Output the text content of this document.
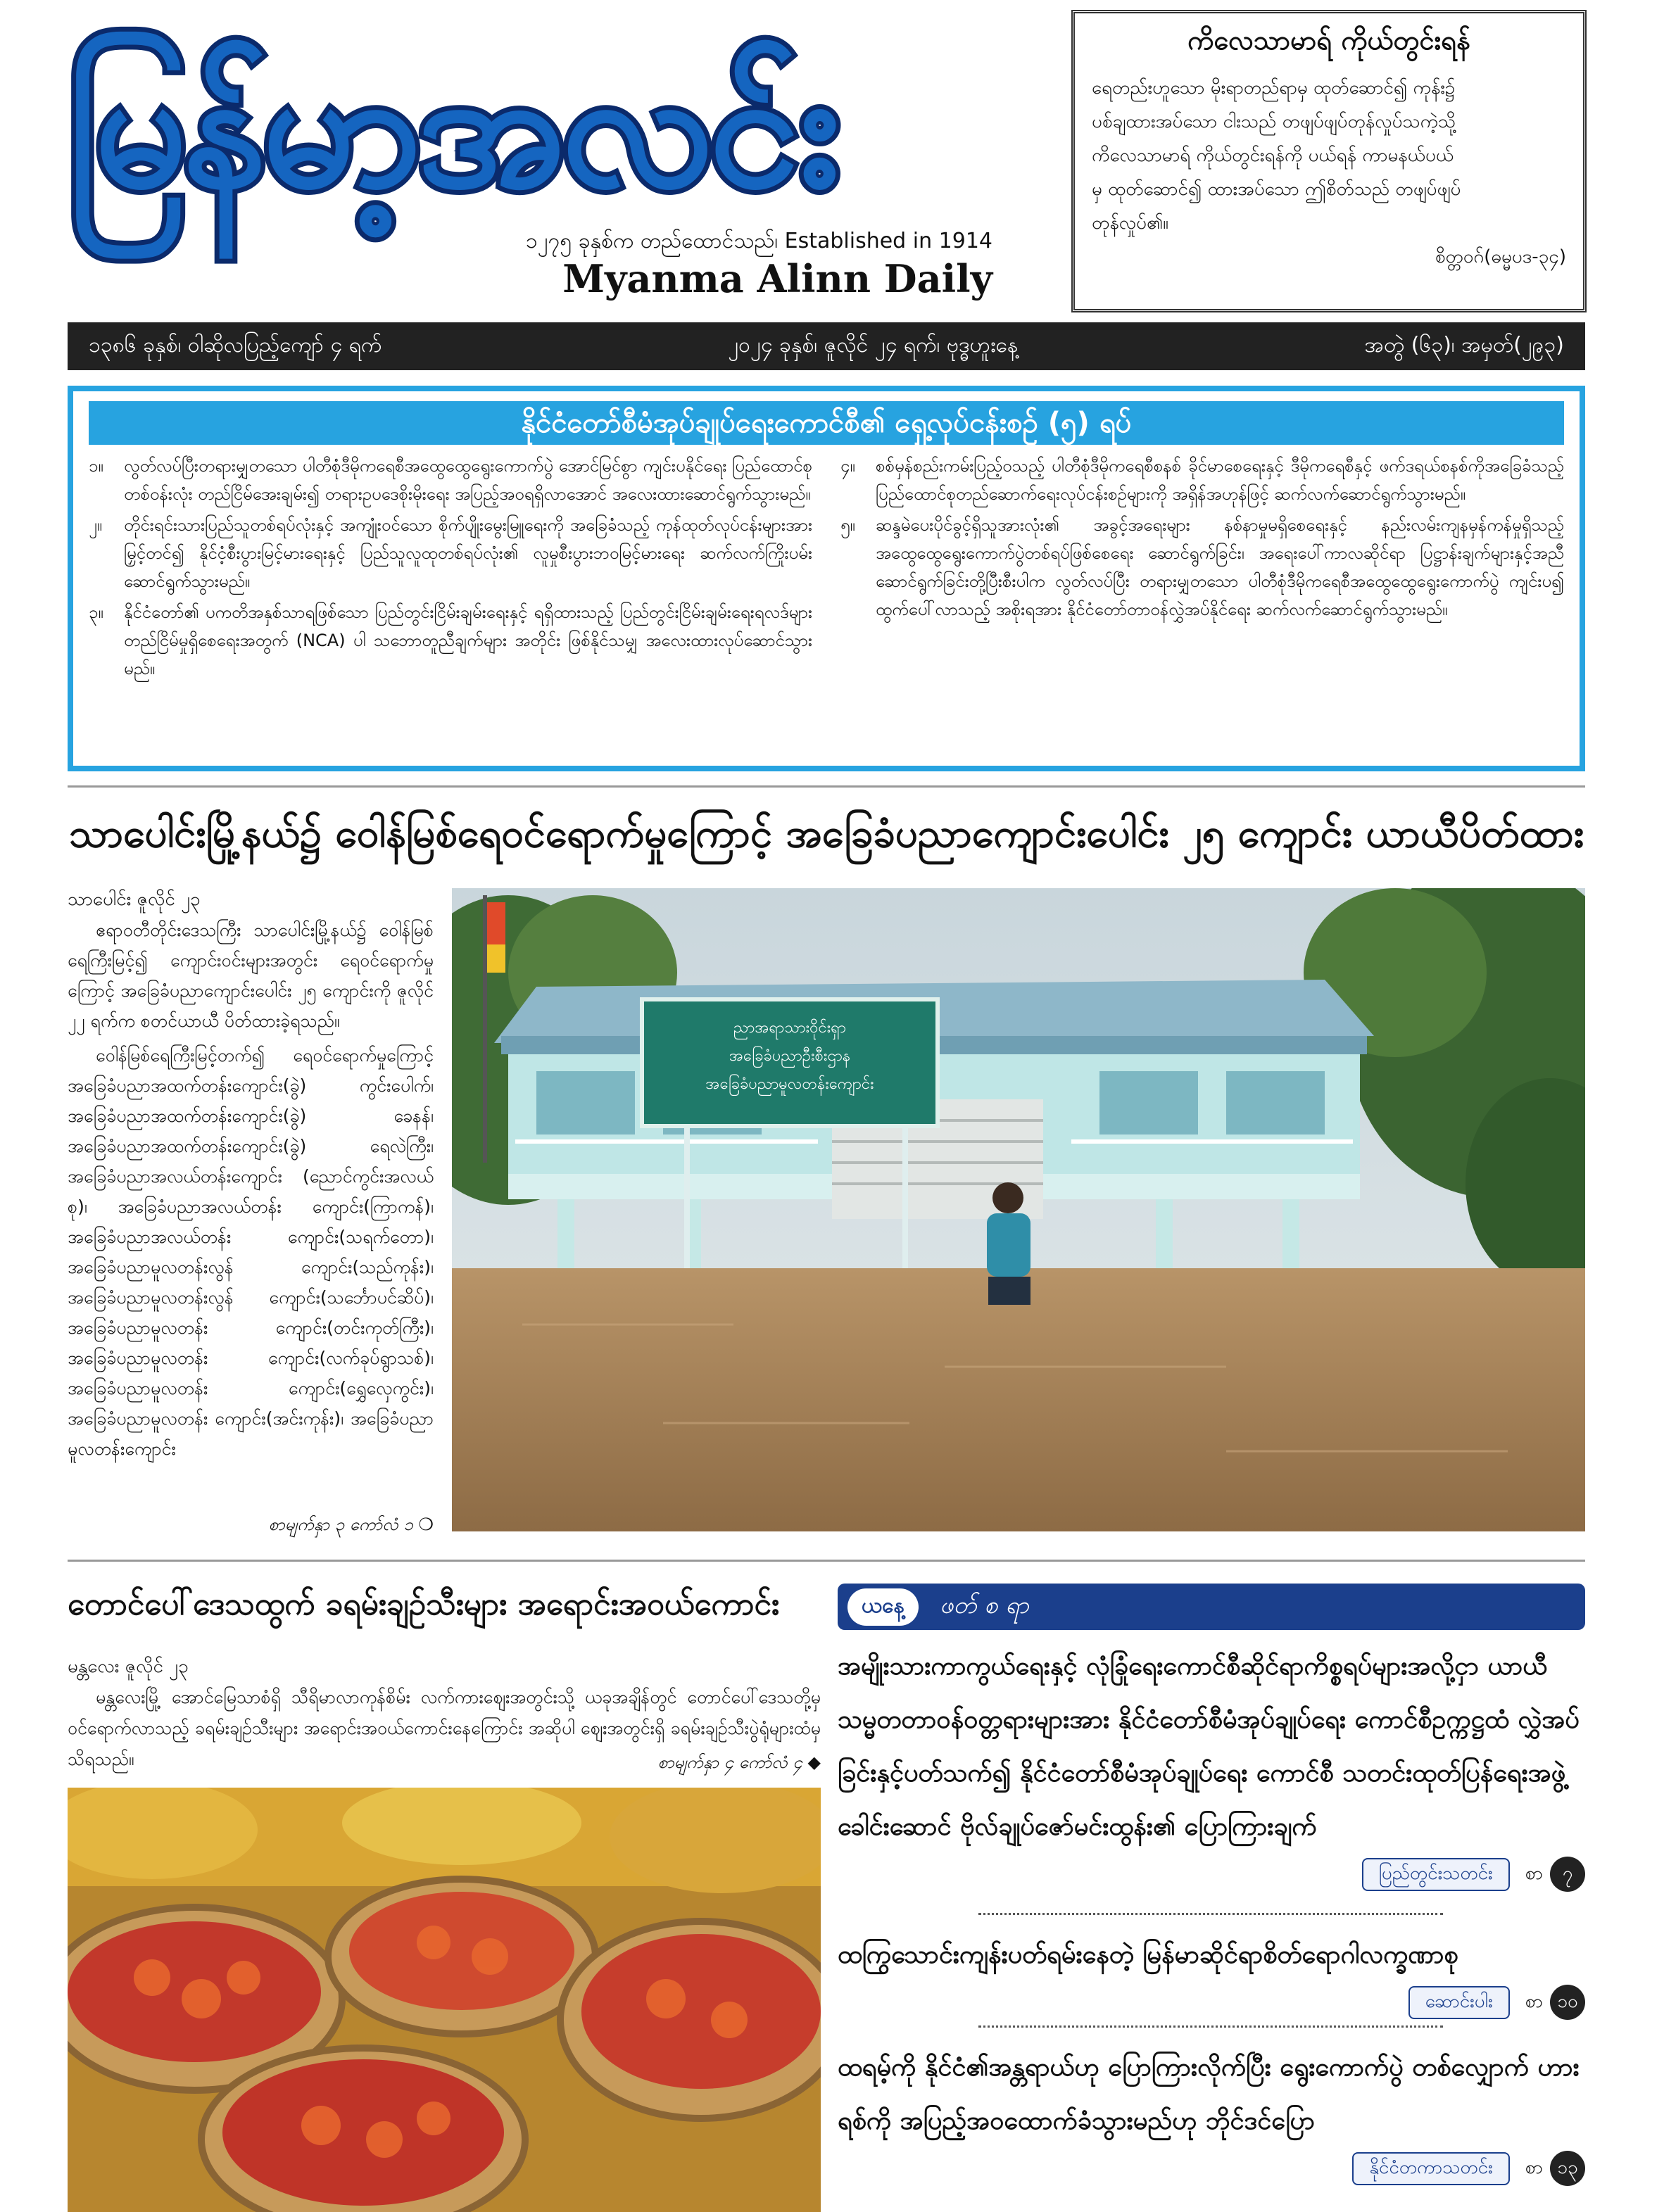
မြန်မာ့အလင်း
၁၂၇၅ ခုနှစ်က တည်ထောင်သည်၊ Established in 1914
Myanma Alinn Daily
ကိလေသာမာရ် ကိုယ်တွင်းရန်
ရေတည်းဟူသော မိုးရာတည်ရာမှ ထုတ်ဆောင်၍ ကုန်း၌
ပစ်ချထားအပ်သော ငါးသည် တဖျပ်ဖျပ်တုန်လှုပ်သကဲ့သို့
ကိလေသာမာရ် ကိုယ်တွင်းရန်ကို ပယ်ရန် ကာမနယ်ပယ်
မှ ထုတ်ဆောင်၍ ထားအပ်သော ဤစိတ်သည် တဖျပ်ဖျပ်
တုန်လှုပ်၏။
စိတ္တဝဂ်(ဓမ္မပဒ-၃၄)
၁၃၈၆ ခုနှစ်၊ ဝါဆိုလပြည့်ကျော် ၄ ရက်	၂၀၂၄ ခုနှစ်၊ ဇူလိုင် ၂၄ ရက်၊ ဗုဒ္ဓဟူးနေ့	အတွဲ (၆၃)၊ အမှတ်(၂၉၃)
နိုင်ငံတော်စီမံအုပ်ချုပ်ရေးကောင်စီ၏ ရှေ့လုပ်ငန်းစဉ် (၅) ရပ်
၁။	လွတ်လပ်ပြီးတရားမျှတသော ပါတီစုံဒီမိုကရေစီအထွေထွေရွေးကောက်ပွဲ အောင်မြင်စွာ ကျင်းပနိုင်ရေး ပြည်ထောင်စုတစ်ဝန်းလုံး တည်ငြိမ်အေးချမ်း၍ တရားဥပဒေစိုးမိုးရေး အပြည့်အဝရရှိလာအောင် အလေးထားဆောင်ရွက်သွားမည်။
၂။	တိုင်းရင်းသားပြည်သူတစ်ရပ်လုံးနှင့် အကျုံးဝင်သော စိုက်ပျိုးမွေးမြူရေးကို အခြေခံသည့် ကုန်ထုတ်လုပ်ငန်းများအားမြှင့်တင်၍ နိုင်ငံ့စီးပွားမြင့်မားရေးနှင့် ပြည်သူလူထုတစ်ရပ်လုံး၏ လူမှုစီးပွားဘဝမြင့်မားရေး ဆက်လက်ကြိုးပမ်းဆောင်ရွက်သွားမည်။
၃။	နိုင်ငံတော်၏ ပကတိအနှစ်သာရဖြစ်သော ပြည်တွင်းငြိမ်းချမ်းရေးနှင့် ရရှိထားသည့် ပြည်တွင်းငြိမ်းချမ်းရေးရလဒ်များ တည်ငြိမ်မှုရှိစေရေးအတွက် (NCA) ပါ သဘောတူညီချက်များ အတိုင်း ဖြစ်နိုင်သမျှ အလေးထားလုပ်ဆောင်သွားမည်။
၄။	စစ်မှန်စည်းကမ်းပြည့်ဝသည့် ပါတီစုံဒီမိုကရေစီစနစ် ခိုင်မာစေရေးနှင့် ဒီမိုကရေစီနှင့် ဖက်ဒရယ်စနစ်ကိုအခြေခံသည့် ပြည်ထောင်စုတည်ဆောက်ရေးလုပ်ငန်းစဉ်များကို အရှိန်အဟုန်ဖြင့် ဆက်လက်ဆောင်ရွက်သွားမည်။
၅။	ဆန္ဒမဲပေးပိုင်ခွင့်ရှိသူအားလုံး၏ အခွင့်အရေးများ နစ်နာမှုမရှိစေရေးနှင့် နည်းလမ်းကျနမှန်ကန်မှုရှိသည့် အထွေထွေရွေးကောက်ပွဲတစ်ရပ်ဖြစ်စေရေး ဆောင်ရွက်ခြင်း၊ အရေးပေါ်ကာလဆိုင်ရာ ပြဋ္ဌာန်းချက်များနှင့်အညီ ဆောင်ရွက်ခြင်းတို့ပြီးစီးပါက လွတ်လပ်ပြီး တရားမျှတသော ပါတီစုံဒီမိုကရေစီအထွေထွေရွေးကောက်ပွဲ ကျင်းပ၍ ထွက်ပေါ်လာသည့် အစိုးရအား နိုင်ငံတော်တာဝန်လွှဲအပ်နိုင်ရေး ဆက်လက်ဆောင်ရွက်သွားမည်။
သာပေါင်းမြို့နယ်၌ ဝေါန်မြစ်ရေဝင်ရောက်မှုကြောင့် အခြေခံပညာကျောင်းပေါင်း ၂၅ ကျောင်း ယာယီပိတ်ထား
သာပေါင်း ဇူလိုင် ၂၃

ဧရာဝတီတိုင်းဒေသကြီး သာပေါင်းမြို့နယ်၌ ဝေါန်မြစ်ရေကြီးမြင့်၍ ကျောင်းဝင်းများအတွင်း ရေဝင်ရောက်မှုကြောင့် အခြေခံပညာကျောင်းပေါင်း ၂၅ ကျောင်းကို ဇူလိုင် ၂၂ ရက်က စတင်ယာယီ ပိတ်ထားခဲ့ရသည်။

ဝေါန်မြစ်ရေကြီးမြင့်တက်၍ ရေဝင်ရောက်မှုကြောင့် အခြေခံပညာအထက်တန်းကျောင်း(ခွဲ) ကွင်းပေါက်၊ အခြေခံပညာအထက်တန်းကျောင်း(ခွဲ) ခေနန်၊ အခြေခံပညာအထက်တန်းကျောင်း(ခွဲ) ရေလဲကြီး၊ အခြေခံပညာအလယ်တန်းကျောင်း (ညောင်ကွင်းအလယ်စု)၊ အခြေခံပညာအလယ်တန်း ကျောင်း(ကြာကန်)၊ အခြေခံပညာအလယ်တန်း ကျောင်း(သရက်တော)၊ အခြေခံပညာမူလတန်းလွန် ကျောင်း(သည်ကုန်း)၊ အခြေခံပညာမူလတန်းလွန် ကျောင်း(သင်္ဘောပင်ဆိပ်)၊ အခြေခံပညာမူလတန်း ကျောင်း(တင်းကုတ်ကြီး)၊ အခြေခံပညာမူလတန်း ကျောင်း(လက်ခုပ်ရွာသစ်)၊ အခြေခံပညာမူလတန်း ကျောင်း(ရွှေလှေကွင်း)၊ အခြေခံပညာမူလတန်း ကျောင်း(အင်းကုန်း)၊ အခြေခံပညာမူလတန်းကျောင်း

စာမျက်နှာ ၃ ကော်လံ ၁ ❍
ညာအရာသားဝိုင်းရှာ
အခြေခံပညာဦးစီးဌာန
အခြေခံပညာမူလတန်းကျောင်း
တောင်ပေါ်ဒေသထွက် ခရမ်းချဉ်သီးများ အရောင်းအဝယ်ကောင်း
မန္တလေး ဇူလိုင် ၂၃

မန္တလေးမြို့ အောင်မြေသာစံရှိ သီရိမာလာကုန်စိမ်း လက်ကားဈေးအတွင်းသို့ ယခုအချိန်တွင် တောင်ပေါ်ဒေသတို့မှ ဝင်ရောက်လာသည့် ခရမ်းချဉ်သီးများ အရောင်းအဝယ်ကောင်းနေကြောင်း အဆိုပါ ဈေးအတွင်းရှိ ခရမ်းချဉ်သီးပွဲရုံများထံမှ သိရသည်။	စာမျက်နှာ ၄ ကော်လံ ၄ ◆
ယနေ့	ဖတ် စ ရာ
အမျိုးသားကာကွယ်ရေးနှင့် လုံခြုံရေးကောင်စီဆိုင်ရာကိစ္စရပ်များအလို့ငှာ ယာယီသမ္မတတာဝန်ဝတ္တရားများအား နိုင်ငံတော်စီမံအုပ်ချုပ်ရေး ကောင်စီဥက္ကဋ္ဌထံ လွှဲအပ်ခြင်းနှင့်ပတ်သက်၍ နိုင်ငံတော်စီမံအုပ်ချုပ်ရေး ကောင်စီ သတင်းထုတ်ပြန်ရေးအဖွဲ့ခေါင်းဆောင် ဗိုလ်ချုပ်ဇော်မင်းထွန်း၏ ပြောကြားချက်
ပြည်တွင်းသတင်း	စာ	၇
ထကြွသောင်းကျန်းပတ်ရမ်းနေတဲ့ မြန်မာဆိုင်ရာစိတ်ရောဂါလက္ခဏာစု
ဆောင်းပါး	စာ ၁၀
ထရမ့်ကို နိုင်ငံ၏အန္တရာယ်ဟု ပြောကြားလိုက်ပြီး ရွေးကောက်ပွဲ တစ်လျှောက် ဟားရစ်ကို အပြည့်အဝထောက်ခံသွားမည်ဟု ဘိုင်ဒင်ပြော
နိုင်ငံတကာသတင်း	စာ ၁၃
